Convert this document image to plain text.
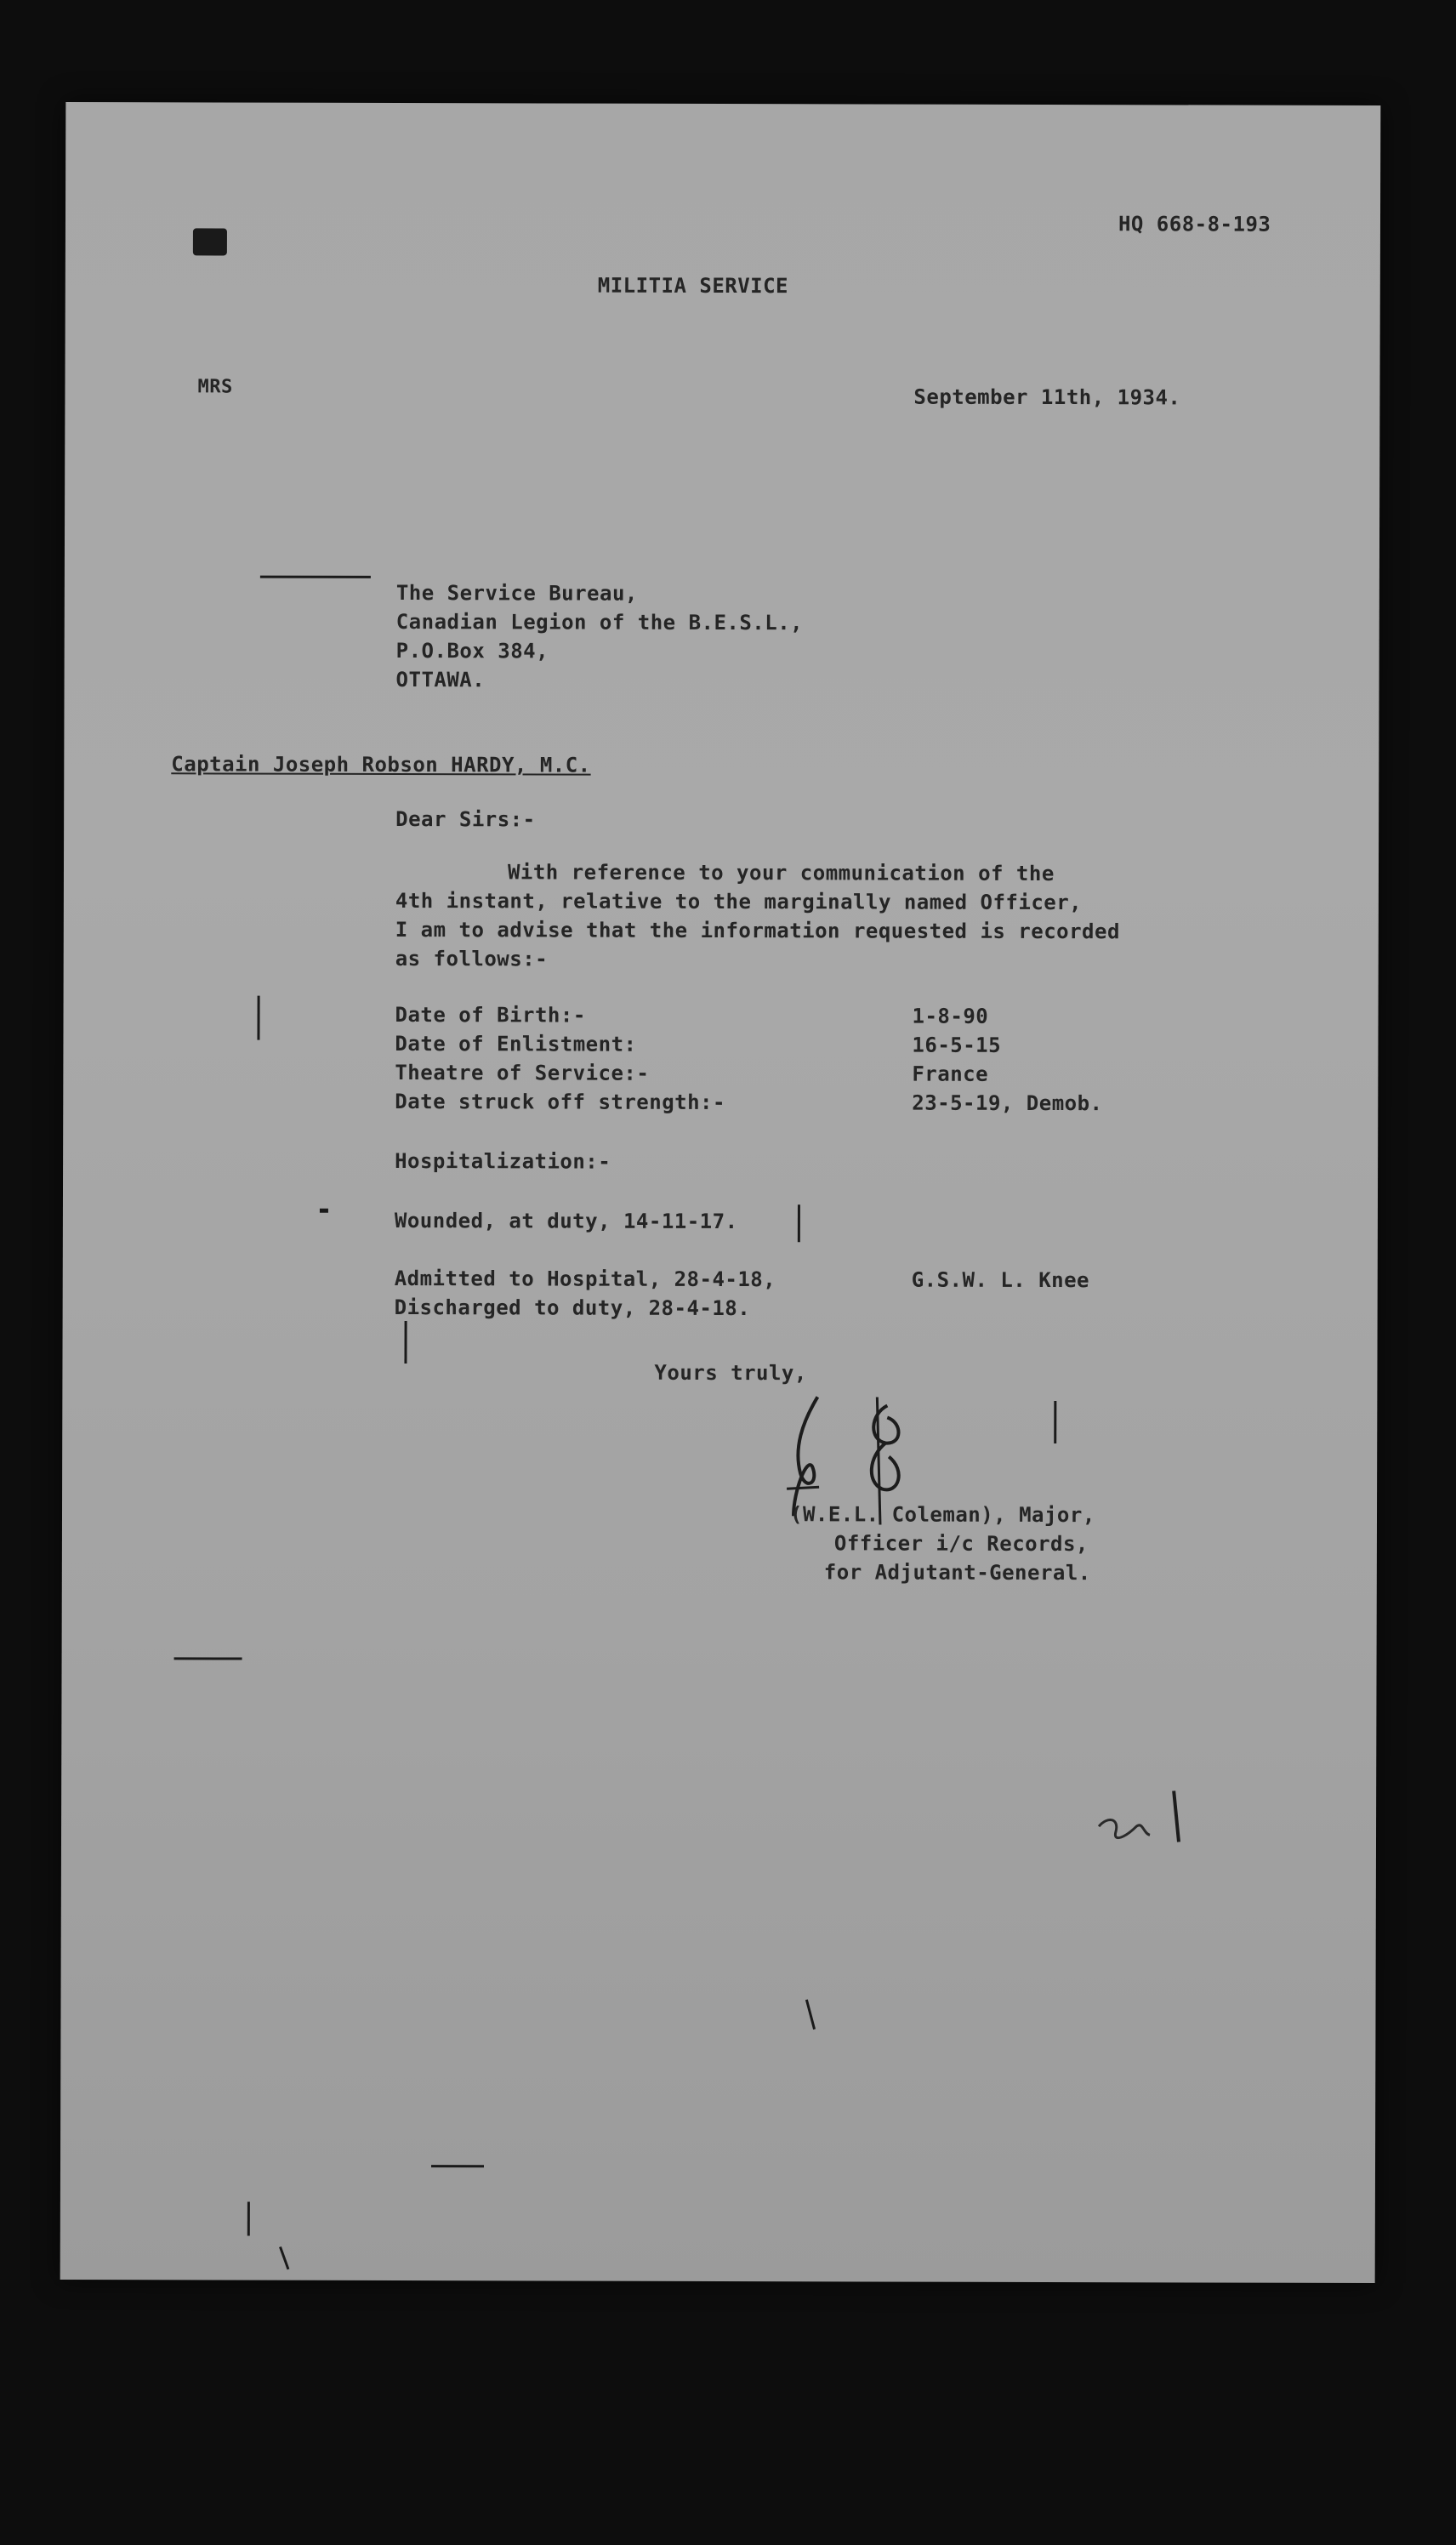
HQ 668-8-193
MILITIA SERVICE
MRS	September 11th, 1934.
The Service Bureau,
Canadian Legion of the B.E.S.L.,
P.O.Box 384,
OTTAWA.
Captain Joseph Robson HARDY, M.C.
Dear Sirs:-
With reference to your communication of the
4th instant, relative to the marginally named Officer,
I am to advise that the information requested is recorded
as follows:-
Date of Birth:-	1-8-90
Date of Enlistment:	16-5-15
Theatre of Service:-	France
Date struck off strength:-	23-5-19, Demob.
Hospitalization:-
Wounded, at duty, 14-11-17.
Admitted to Hospital, 28-4-18,	G.S.W. L. Knee
Discharged to duty, 28-4-18.
Yours truly,
(W.E.L. Coleman), Major,
Officer i/c Records,
for Adjutant-General.
